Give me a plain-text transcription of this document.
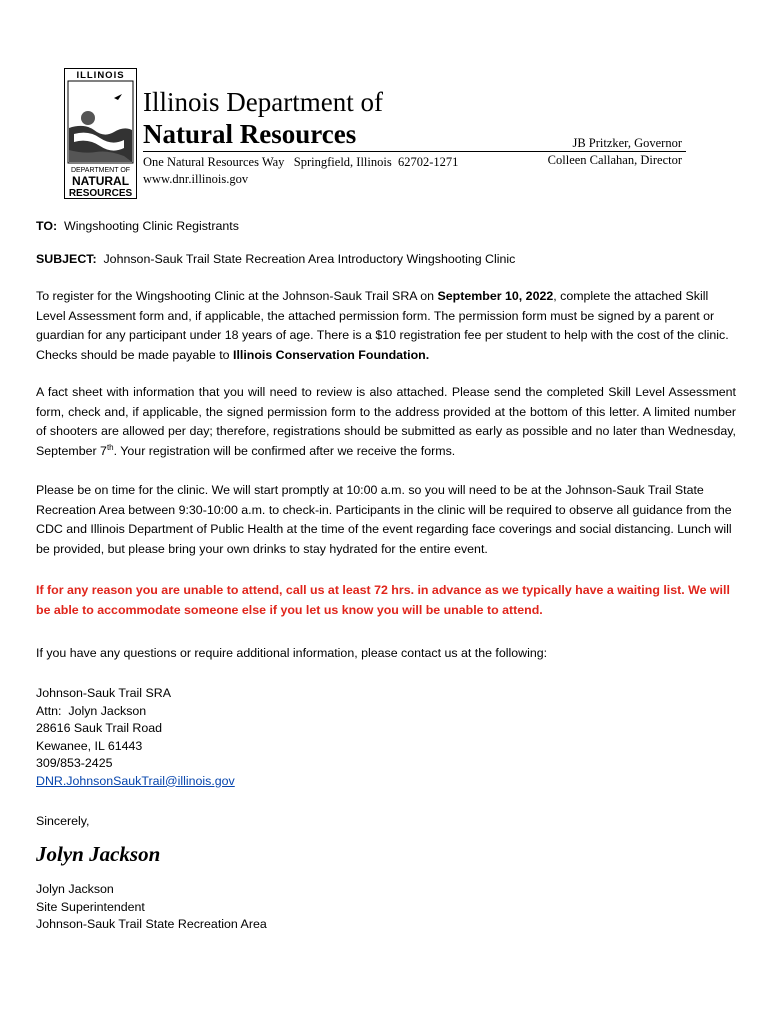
ILLINOIS
DEPARTMENT OF
NATURAL
RESOURCES
Illinois Department of
Natural Resources
One Natural Resources Way   Springfield, Illinois  62702-1271
www.dnr.illinois.gov
JB Pritzker, Governor
Colleen Callahan, Director
TO: Wingshooting Clinic Registrants
SUBJECT: Johnson-Sauk Trail State Recreation Area Introductory Wingshooting Clinic
To register for the Wingshooting Clinic at the Johnson-Sauk Trail SRA on September 10, 2022, complete the attached Skill Level Assessment form and, if applicable, the attached permission form. The permission form must be signed by a parent or guardian for any participant under 18 years of age. There is a $10 registration fee per student to help with the cost of the clinic. Checks should be made payable to Illinois Conservation Foundation.
A fact sheet with information that you will need to review is also attached. Please send the completed Skill Level Assessment form, check and, if applicable, the signed permission form to the address provided at the bottom of this letter. A limited number of shooters are allowed per day; therefore, registrations should be submitted as early as possible and no later than Wednesday, September 7th. Your registration will be confirmed after we receive the forms.
Please be on time for the clinic. We will start promptly at 10:00 a.m. so you will need to be at the Johnson-Sauk Trail State Recreation Area between 9:30-10:00 a.m. to check-in. Participants in the clinic will be required to observe all guidance from the CDC and Illinois Department of Public Health at the time of the event regarding face coverings and social distancing. Lunch will be provided, but please bring your own drinks to stay hydrated for the entire event.
If for any reason you are unable to attend, call us at least 72 hrs. in advance as we typically have a waiting list. We will be able to accommodate someone else if you let us know you will be unable to attend.
If you have any questions or require additional information, please contact us at the following:
Johnson-Sauk Trail SRA
Attn:  Jolyn Jackson
28616 Sauk Trail Road
Kewanee, IL 61443
309/853-2425
DNR.JohnsonSaukTrail@illinois.gov
Sincerely,
Jolyn Jackson
Jolyn Jackson
Site Superintendent
Johnson-Sauk Trail State Recreation Area
